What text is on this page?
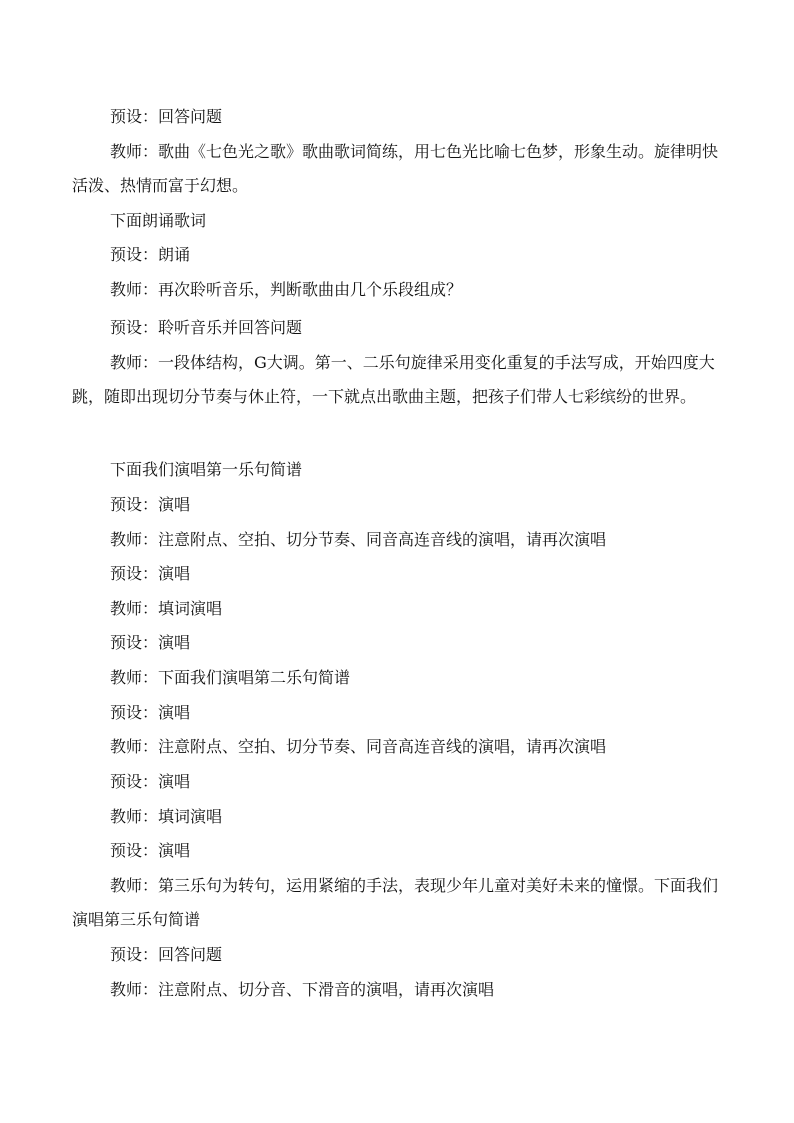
预设：回答问题

教师：歌曲《七色光之歌》歌曲歌词简练，用七色光比喻七色梦，形象生动。旋律明快活泼、热情而富于幻想。

下面朗诵歌词

预设：朗诵

教师：再次聆听音乐，判断歌曲由几个乐段组成？

预设：聆听音乐并回答问题

教师：一段体结构，G大调。第一、二乐句旋律采用变化重复的手法写成，开始四度大跳，随即出现切分节奏与休止符，一下就点出歌曲主题，把孩子们带人七彩缤纷的世界。

下面我们演唱第一乐句简谱

预设：演唱

教师：注意附点、空拍、切分节奏、同音高连音线的演唱，请再次演唱

预设：演唱

教师：填词演唱

预设：演唱

教师：下面我们演唱第二乐句简谱

预设：演唱

教师：注意附点、空拍、切分节奏、同音高连音线的演唱，请再次演唱

预设：演唱

教师：填词演唱

预设：演唱

教师：第三乐句为转句，运用紧缩的手法，表现少年儿童对美好未来的憧憬。下面我们演唱第三乐句简谱

预设：回答问题

教师：注意附点、切分音、下滑音的演唱，请再次演唱
